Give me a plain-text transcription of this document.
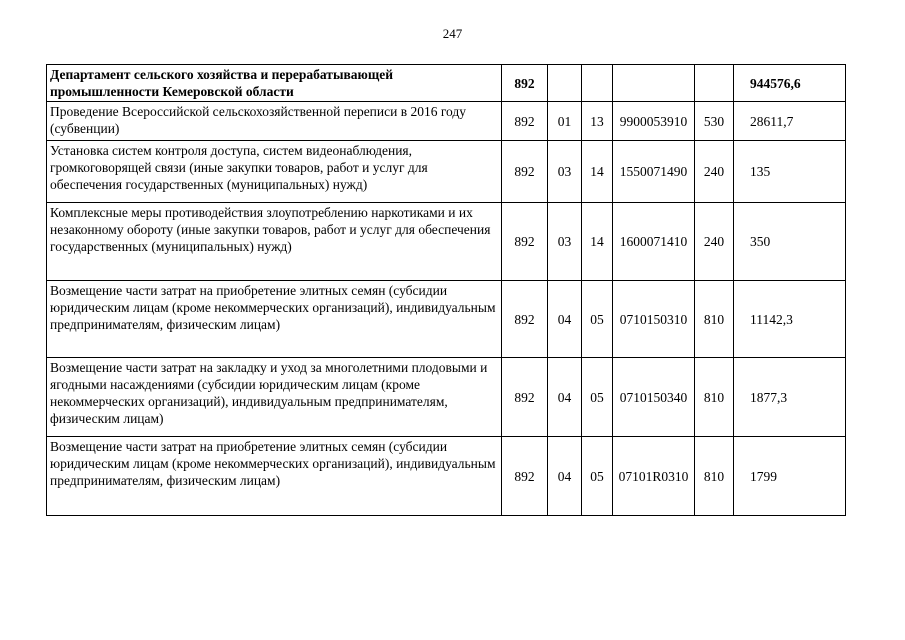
247
Департамент сельского хозяйства и перерабатывающей промышленности Кемеровской области	892					944576,6
Проведение Всероссийской сельскохозяйственной переписи в 2016 году (субвенции)	892	01	13	9900053910	530	28611,7
Установка систем контроля доступа, систем видеонаблюдения, громкоговорящей связи (иные закупки товаров, работ и услуг для обеспечения государственных (муниципальных) нужд)	892	03	14	1550071490	240	135
Комплексные меры противодействия злоупотреблению наркотиками и их незаконному обороту (иные закупки товаров, работ и услуг для обеспечения государственных (муниципальных) нужд)	892	03	14	1600071410	240	350
Возмещение части затрат на приобретение элитных семян (субсидии юридическим лицам (кроме некоммерческих организаций), индивидуальным предпринимателям, физическим лицам)	892	04	05	0710150310	810	11142,3
Возмещение части затрат на закладку и уход за многолетними плодовыми и ягодными насаждениями (субсидии юридическим лицам (кроме некоммерческих организаций), индивидуальным предпринимателям, физическим лицам)	892	04	05	0710150340	810	1877,3
Возмещение части затрат на приобретение элитных семян (субсидии юридическим лицам (кроме некоммерческих организаций), индивидуальным предпринимателям, физическим лицам)	892	04	05	07101R0310	810	1799
